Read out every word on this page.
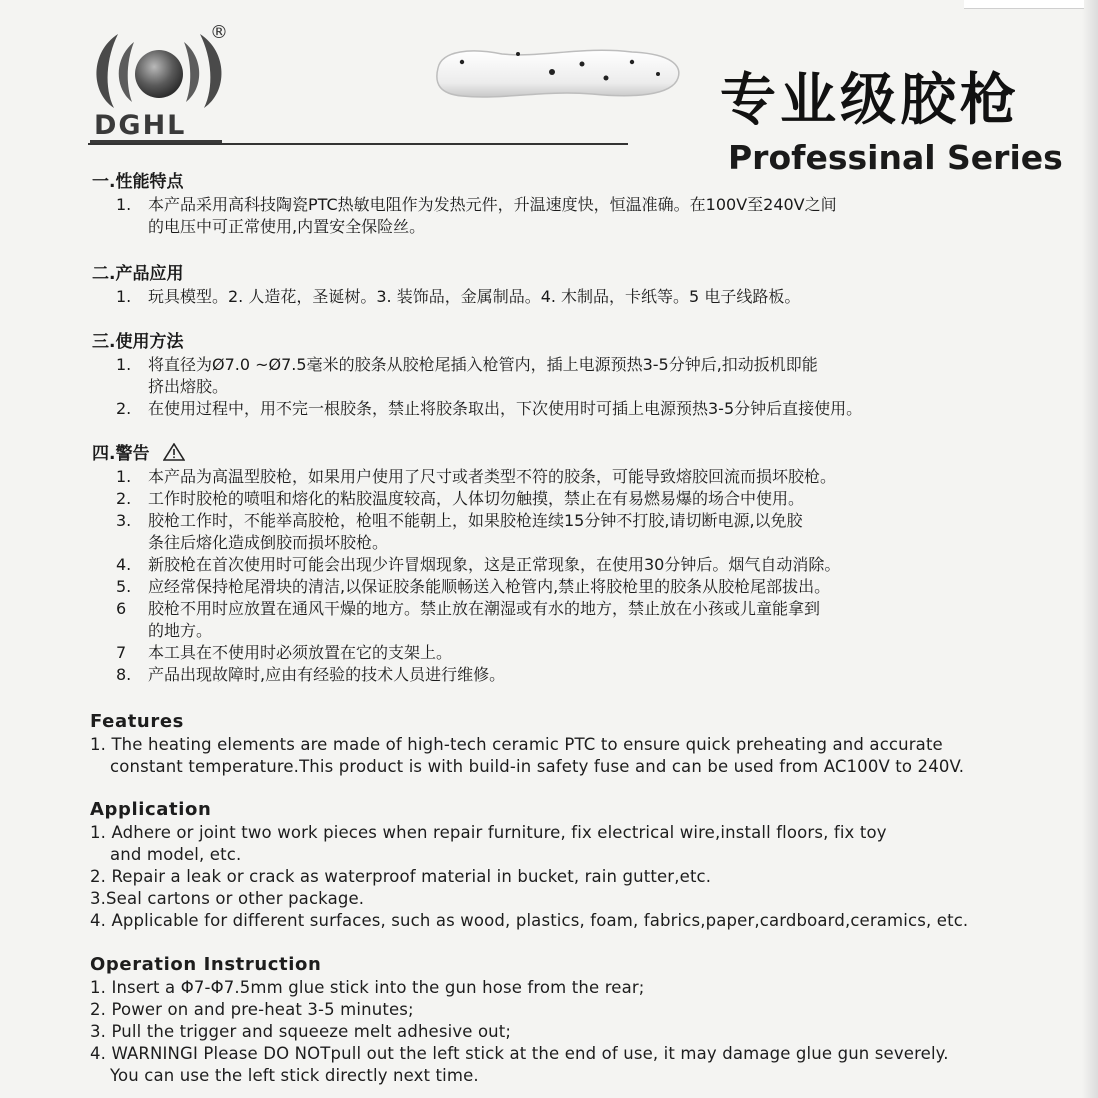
DGHL
®
专业级胶枪
Professinal Series
一.性能特点
1. 本产品采用高科技陶瓷PTC热敏电阻作为发热元件，升温速度快，恒温准确。在100V至240V之间
的电压中可正常使用,内置安全保险丝。
二.产品应用
1. 玩具模型。2. 人造花，圣诞树。3. 装饰品，金属制品。4. 木制品，卡纸等。5 电子线路板。
三.使用方法
1. 将直径为Ø7.0 ~Ø7.5毫米的胶条从胶枪尾插入枪管内，插上电源预热3-5分钟后,扣动扳机即能
挤出熔胶。
2. 在使用过程中，用不完一根胶条，禁止将胶条取出，下次使用时可插上电源预热3-5分钟后直接使用。
四.警告
1. 本产品为高温型胶枪，如果用户使用了尺寸或者类型不符的胶条，可能导致熔胶回流而损坏胶枪。
2. 工作时胶枪的喷咀和熔化的粘胶温度较高，人体切勿触摸，禁止在有易燃易爆的场合中使用。
3. 胶枪工作时，不能举高胶枪，枪咀不能朝上，如果胶枪连续15分钟不打胶,请切断电源,以免胶
条往后熔化造成倒胶而损坏胶枪。
4. 新胶枪在首次使用时可能会出现少许冒烟现象，这是正常现象，在使用30分钟后。烟气自动消除。
5. 应经常保持枪尾滑块的清洁,以保证胶条能顺畅送入枪管内,禁止将胶枪里的胶条从胶枪尾部拔出。
6 胶枪不用时应放置在通风干燥的地方。禁止放在潮湿或有水的地方，禁止放在小孩或儿童能拿到
的地方。
7 本工具在不使用时必须放置在它的支架上。
8. 产品出现故障时,应由有经验的技术人员进行维修。
Features
1. The heating elements are made of high-tech ceramic PTC to ensure quick preheating and accurate
constant temperature.This product is with build-in safety fuse and can be used from AC100V to 240V.
Application
1. Adhere or joint two work pieces when repair furniture, fix electrical wire,install floors, fix toy
and model, etc.
2. Repair a leak or crack as waterproof material in bucket, rain gutter,etc.
3.Seal cartons or other package.
4. Applicable for different surfaces, such as wood, plastics, foam, fabrics,paper,cardboard,ceramics, etc.
Operation Instruction
1. Insert a Φ7-Φ7.5mm glue stick into the gun hose from the rear;
2. Power on and pre-heat 3-5 minutes;
3. Pull the trigger and squeeze melt adhesive out;
4. WARNINGI Please DO NOTpull out the left stick at the end of use, it may damage glue gun severely.
You can use the left stick directly next time.
